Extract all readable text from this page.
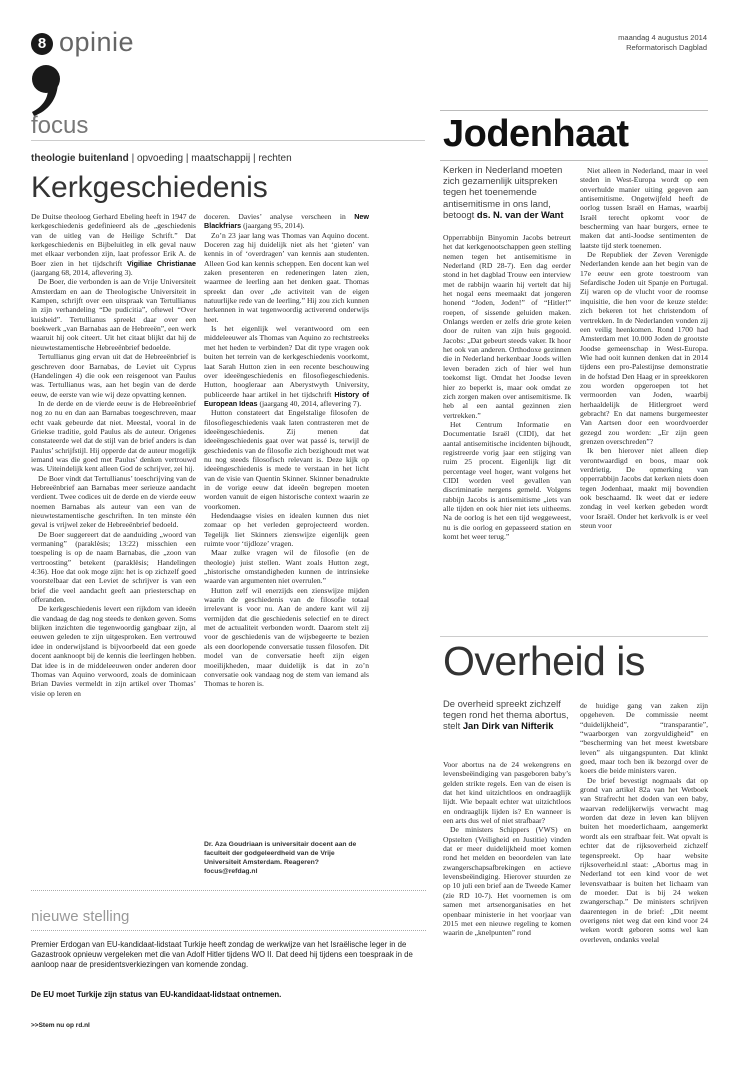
8 opinie	maandag 4 augustus 2014
Reformatorisch Dagblad
focus
theologie buitenland | opvoeding | maatschappij | rechten
Kerkgeschiedenis

De Duitse theoloog Gerhard Ebeling heeft in 1947 de kerkgeschiedenis gedefinieerd als de „geschiedenis van de uitleg van de Heilige Schrift.” Dat kerkgeschiedenis en Bijbeluitleg in elk geval nauw met elkaar verbonden zijn, laat professor Erik A. de Boer zien in het tijdschrift Vigiliae Christianae (jaargang 68, 2014, aflevering 3).

De Boer, die verbonden is aan de Vrije Universiteit Amsterdam en aan de Theologische Universiteit in Kampen, schrijft over een uitspraak van Tertullianus in zijn verhandeling “De pudicitia”, oftewel “Over kuisheid”. Tertullianus spreekt daar over een boekwerk „van Barnabas aan de Hebreeën”, een werk waaruit hij ook citeert. Uit het citaat blijkt dat hij de nieuwtestamentische Hebreeënbrief bedoelde.

Tertullianus ging ervan uit dat de Hebreeënbrief is geschreven door Barnabas, de Leviet uit Cyprus (Handelingen 4) die ook een reisgenoot van Paulus was. Tertullianus was, aan het begin van de derde eeuw, de eerste van wie wij deze opvatting kennen.

In de derde en de vierde eeuw is de Hebreeënbrief nog zo nu en dan aan Barnabas toegeschreven, maar echt vaak gebeurde dat niet. Meestal, vooral in de Griekse traditie, gold Paulus als de auteur. Origenes constateerde wel dat de stijl van de brief anders is dan Paulus’ schrijfstijl. Hij opperde dat de auteur mogelijk iemand was die goed met Paulus’ denken vertrouwd was. Uiteindelijk kent alleen God de schrijver, zei hij.

De Boer vindt dat Tertullianus’ toeschrijving van de Hebreeënbrief aan Barnabas meer serieuze aandacht verdient. Twee codices uit de derde en de vierde eeuw noemen Barnabas als auteur van een van de nieuwtestamentische geschriften. In ten minste één geval is vrijwel zeker de Hebreeënbrief bedoeld.

De Boer suggereert dat de aanduiding „woord van vermaning” (paraklèsis; 13:22) misschien een toespeling is op de naam Barnabas, die „zoon van vertroosting” betekent (paraklèsis; Handelingen 4:36). Hoe dat ook moge zijn: het is op zichzelf goed voorstelbaar dat een Leviet de schrijver is van een brief die veel aandacht geeft aan priesterschap en offeranden.

De kerkgeschiedenis levert een rijkdom van ideeën die vandaag de dag nog steeds te denken geven. Soms blijken inzichten die tegenwoordig gangbaar zijn, al eeuwen geleden te zijn uitgesproken. Een vertrouwd idee in onderwijsland is bijvoorbeeld dat een goede docent aanknoopt bij de kennis die leerlingen hebben. Dat idee is in de middeleeuwen onder anderen door Thomas van Aquino verwoord, zoals de dominicaan Brian Davies vermeldt in zijn artikel over Thomas’ visie op leren en

doceren. Davies’ analyse verscheen in New Blackfriars (jaargang 95, 2014).

Zo’n 23 jaar lang was Thomas van Aquino docent. Doceren zag hij duidelijk niet als het ‘gieten’ van kennis in of ‘overdragen’ van kennis aan studenten. Alleen God kan kennis scheppen. Een docent kan wel zaken presenteren en redeneringen laten zien, waarmee de leerling aan het denken gaat. Thomas spreekt dan over „de activiteit van de eigen natuurlijke rede van de leerling.” Hij zou zich kunnen herkennen in wat tegenwoordig activerend onderwijs heet.

Is het eigenlijk wel verantwoord om een middeleeuwer als Thomas van Aquino zo rechtstreeks met het heden te verbinden? Dat dit type vragen ook buiten het terrein van de kerkgeschiedenis voorkomt, laat Sarah Hutton zien in een recente beschouwing over ideeëngeschiedenis en filosofiegeschiedenis. Hutton, hoogleraar aan Aberystwyth University, publiceerde haar artikel in het tijdschrift History of European Ideas (jaargang 40, 2014, aflevering 7).

Hutton constateert dat Engelstalige filosofen de filosofiegeschiedenis vaak laten contrasteren met de ideeëngeschiedenis. Zij menen dat ideeëngeschiedenis gaat over wat passé is, terwijl de geschiedenis van de filosofie zich bezighoudt met wat nu nog steeds filosofisch relevant is. Deze kijk op ideeëngeschiedenis is mede te verstaan in het licht van de visie van Quentin Skinner. Skinner benadrukte in de vorige eeuw dat ideeën begrepen moeten worden vanuit de eigen historische context waarin ze voorkomen.

Hedendaagse visies en idealen kunnen dus niet zomaar op het verleden geprojecteerd worden. Tegelijk liet Skinners zienswijze eigenlijk geen ruimte voor ‘tijdloze’ vragen.

Maar zulke vragen wil de filosofie (en de theologie) juist stellen. Want zoals Hutton zegt, „historische omstandigheden kunnen de intrinsieke waarde van argumenten niet overrulen.”

Hutton zelf wil enerzijds een zienswijze mijden waarin de geschiedenis van de filosofie totaal irrelevant is voor nu. Aan de andere kant wil zij vermijden dat die geschiedenis selectief en te direct met de actualiteit verbonden wordt. Daarom stelt zij voor de geschiedenis van de wijsbegeerte te bezien als een doorlopende conversatie tussen filosofen. Dit model van de conversatie heeft zijn eigen moeilijkheden, maar duidelijk is dat in zo’n conversatie ook vandaag nog de stem van iemand als Thomas te horen is.

Dr. Aza Goudriaan is universitair docent aan de faculteit der godgeleerdheid van de Vrije Universiteit Amsterdam. Reageren? focus@refdag.nl
nieuwe stelling
Premier Erdogan van EU-kandidaat-lidstaat Turkije heeft zondag de werkwijze van het Israëlische leger in de Gazastrook opnieuw vergeleken met die van Adolf Hitler tijdens WO II. Dat deed hij tijdens een toespraak in de aanloop naar de presidentsverkiezingen van komende zondag.
De EU moet Turkije zijn status van EU-kandidaat-lidstaat ontnemen.
>>Stem nu op rd.nl
Jodenhaat
Kerken in Nederland moeten zich gezamenlijk uitspreken tegen het toenemende antisemitisme in ons land, betoogt ds. N. van der Want

Opperrabbijn Binyomin Jacobs betreurt het dat kerkgenootschappen geen stelling nemen tegen het antisemitisme in Nederland (RD 28-7). Een dag eerder stond in het dagblad Trouw een interview met de rabbijn waarin hij vertelt dat hij het nogal eens meemaakt dat jongeren honend “Joden, Joden!” of “Hitler!” roepen, of sissende geluiden maken. Onlangs werden er zelfs drie grote keien door de ruiten van zijn huis gegooid. Jacobs: „Dat gebeurt steeds vaker. Ik hoor het ook van anderen. Orthodoxe gezinnen die in Nederland herkenbaar Joods willen leven beraden zich of hier wel hun toekomst ligt. Omdat het Joodse leven hier zo beperkt is, maar ook omdat ze zich zorgen maken over antisemitisme. Ik heb al een aantal gezinnen zien vertrekken.”

Het Centrum Informatie en Documentatie Israël (CIDI), dat het aantal antisemitische incidenten bijhoudt, registreerde vorig jaar een stijging van ruim 25 procent. Eigenlijk ligt dit percentage veel hoger, want volgens het CIDI worden veel gevallen van discriminatie nergens gemeld. Volgens rabbijn Jacobs is antisemitisme „iets van alle tijden en ook hier niet iets uitheems. Na de oorlog is het een tijd weggeweest, nu is die oorlog en gepasseerd station en komt het weer terug.”

Niet alleen in Nederland, maar in veel steden in West-Europa wordt op een onverhulde manier uiting gegeven aan antisemitisme. Ongetwijfeld heeft de oorlog tussen Israël en Hamas, waarbij Israël terecht opkomt voor de bescherming van haar burgers, ernee te maken dat anti-Joodse sentimenten de laatste tijd sterk toenemen.

De Republiek der Zeven Verenigde Nederlanden kende aan het begin van de 17e eeuw een grote toestroom van Sefardische Joden uit Spanje en Portugal. Zij waren op de vlucht voor de roomse inquisitie, die hen voor de keuze stelde: zich bekeren tot het christendom of vertrekken. In de Nederlanden vonden zij een veilig heenkomen. Rond 1700 had Amsterdam met 10.000 Joden de grootste Joodse gemeenschap in West-Europa. Wie had ooit kunnen denken dat in 2014 tijdens een pro-Palestijnse demonstratie in de hofstad Den Haag er in spreekkoren zou worden opgeroepen tot het vermoorden van Joden, waarbij herhaaldelijk de Hitlergroet werd gebracht? En dat namens burgemeester Van Aartsen door een woordvoerder gezegd zou worden: „Er zijn geen grenzen overschreden”?

Ik ben hierover niet alleen diep verontwaardigd en boos, maar ook verdrietig. De opmerking van opperrabbijn Jacobs dat kerken niets doen tegen Jodenhaat, maakt mij bovendien ook beschaamd. Ik weet dat er iedere zondag in veel kerken gebeden wordt voor Israël. Onder het kerkvolk is er veel steun voor

Overheid is
De overheid spreekt zichzelf tegen rond het thema abortus, stelt Jan Dirk van Nifterik

Voor abortus na de 24 wekengrens en levensbeëindiging van pasgeboren baby’s gelden strikte regels. Een van de eisen is dat het kind uitzichtloos en ondraaglijk lijdt. Wie bepaalt echter wat uitzichtloos en ondraaglijk lijden is? En wanneer is een arts dus wel of niet strafbaar?

De ministers Schippers (VWS) en Opstelten (Veiligheid en Justitie) vinden dat er meer duidelijkheid moet komen rond het melden en beoordelen van late zwangerschapsafbrekingen en actieve levensbeëindiging. Hierover stuurden ze op 10 juli een brief aan de Tweede Kamer (zie RD 10-7). Het voornemen is om samen met artsenorganisaties en het openbaar ministerie in het voorjaar van 2015 met een nieuwe regeling te komen waarin de „knelpunten” rond

de huidige gang van zaken zijn opgeheven. De commissie neemt “duidelijkheid”, “transparantie”, “waarborgen van zorgvuldigheid” en “bescherming van het meest kwetsbare leven” als uitgangspunten. Dat klinkt goed, maar toch ben ik bezorgd over de koers die beide ministers varen.

De brief bevestigt nogmaals dat op grond van artikel 82a van het Wetboek van Strafrecht het doden van een baby, waarvan redelijkerwijs verwacht mag worden dat deze in leven kan blijven buiten het moederlichaam, aangemerkt wordt als een strafbaar feit. Wat opvalt is echter dat de rijksoverheid zichzelf tegenspreekt. Op haar website rijksoverheid.nl staat: „Abortus mag in Nederland tot een kind voor de wet levensvatbaar is buiten het lichaam van de moeder. Dat is bij 24 weken zwangerschap.” De ministers schrijven daarentegen in de brief: „Dit neemt overigens niet weg dat een kind voor 24 weken wordt geboren soms wel kan overleven, ondanks veelal
